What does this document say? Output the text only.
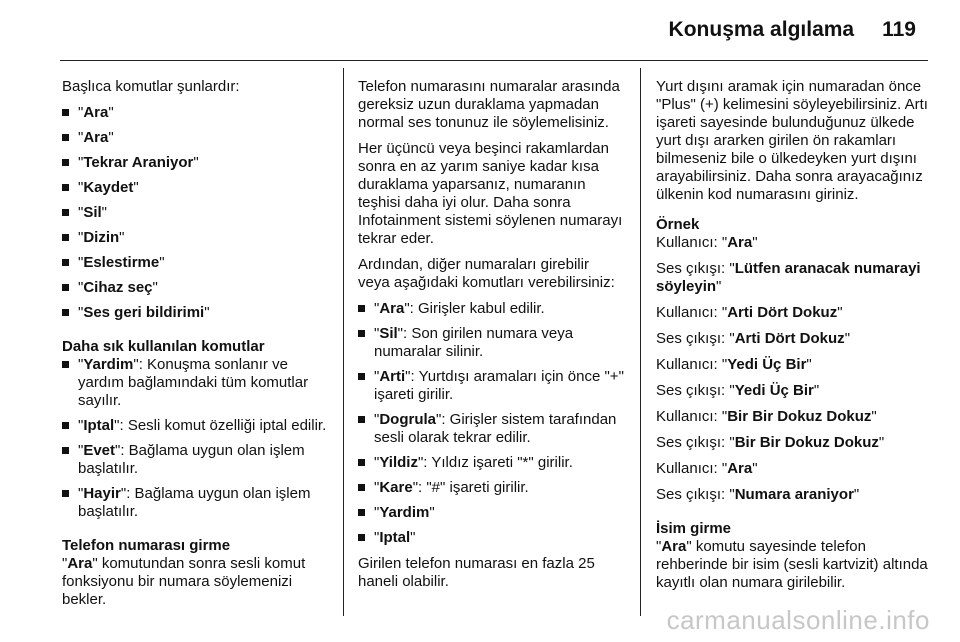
Konuşma algılama 119

Başlıca komutlar şunlardır:

"Ara"
"Ara"
"Tekrar Araniyor"
"Kaydet"
"Sil"
"Dizin"
"Eslestirme"
"Cihaz seç"
"Ses geri bildirimi"

Daha sık kullanılan komutlar

"Yardim": Konuşma sonlanır ve yardım bağlamındaki tüm komutlar sayılır.
"Iptal": Sesli komut özelliği iptal edilir.
"Evet": Bağlama uygun olan işlem başlatılır.
"Hayir": Bağlama uygun olan işlem başlatılır.

Telefon numarası girme

"Ara" komutundan sonra sesli komut fonksiyonu bir numara söylemenizi bekler.

Telefon numarasını numaralar arasında gereksiz uzun duraklama yapmadan normal ses tonunuz ile söylemelisiniz.

Her üçüncü veya beşinci rakamlardan sonra en az yarım saniye kadar kısa duraklama yaparsanız, numaranın teşhisi daha iyi olur. Daha sonra Infotainment sistemi söylenen numarayı tekrar eder.

Ardından, diğer numaraları girebilir veya aşağıdaki komutları verebilirsiniz:

"Ara": Girişler kabul edilir.
"Sil": Son girilen numara veya numaralar silinir.
"Arti": Yurtdışı aramaları için önce "+" işareti girilir.
"Dogrula": Girişler sistem tarafından sesli olarak tekrar edilir.
"Yildiz": Yıldız işareti "*" girilir.
"Kare": "#" işareti girilir.
"Yardim"
"Iptal"

Girilen telefon numarası en fazla 25 haneli olabilir.

Yurt dışını aramak için numaradan önce "Plus" (+) kelimesini söyleyebilirsiniz. Artı işareti sayesinde bulunduğunuz ülkede yurt dışı ararken girilen ön rakamları bilmeseniz bile o ülkedeyken yurt dışını arayabilirsiniz. Daha sonra arayacağınız ülkenin kod numarasını giriniz.

Örnek

Kullanıcı: "Ara"

Ses çıkışı: "Lütfen aranacak numarayi söyleyin"

Kullanıcı: "Arti Dört Dokuz"

Ses çıkışı: "Arti Dört Dokuz"

Kullanıcı: "Yedi Üç Bir"

Ses çıkışı: "Yedi Üç Bir"

Kullanıcı: "Bir Bir Dokuz Dokuz"

Ses çıkışı: "Bir Bir Dokuz Dokuz"

Kullanıcı: "Ara"

Ses çıkışı: "Numara araniyor"

İsim girme

"Ara" komutu sayesinde telefon rehberinde bir isim (sesli kartvizit) altında kayıtlı olan numara girilebilir.

carmanualsonline.info
